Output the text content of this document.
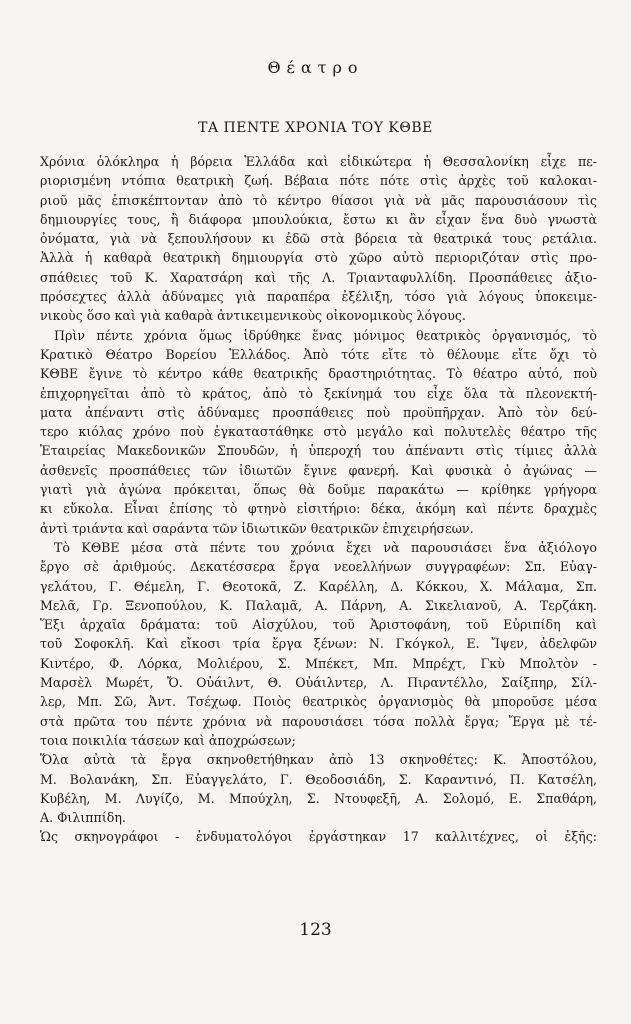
Θέατρο
ΤΑ ΠΕΝΤΕ ΧΡΟΝΙΑ ΤΟΥ ΚΘΒΕ
Χρόνια ὁλόκληρα ἡ βόρεια Ἑλλάδα καὶ εἰδικώτερα ἡ Θεσσαλονίκη εἶχε πε-
ριορισμένη ντόπια θεατρικὴ ζωή. Βέβαια πότε πότε στὶς ἀρχὲς τοῦ καλοκαι-
ριοῦ μᾶς ἐπισκέπτονταν ἀπὸ τὸ κέντρο θίασοι γιὰ νὰ μᾶς παρουσιάσουν τὶς
δημιουργίες τους, ἢ διάφορα μπουλούκια, ἔστω κι ἂν εἶχαν ἕνα δυὸ γνωστὰ
ὀνόματα, γιὰ νὰ ξεπουλήσουν κι ἐδῶ στὰ βόρεια τὰ θεατρικά τους ρετάλια.
Ἀλλὰ ἡ καθαρὰ θεατρικὴ δημιουργία στὸ χῶρο αὐτὸ περιοριζόταν στὶς προ-
σπάθειες τοῦ Κ. Χαρατσάρη καὶ τῆς Λ. Τριανταφυλλίδη. Προσπάθειες ἀξιο-
πρόσεχτες ἀλλὰ ἀδύναμες γιὰ παραπέρα ἐξέλιξη, τόσο γιὰ λόγους ὑποκειμε-
νικοὺς ὅσο καὶ γιὰ καθαρὰ ἀντικειμενικοὺς οἰκονομικοὺς λόγους.
Πρὶν πέντε χρόνια ὅμως ἱδρύθηκε ἕνας μόνιμος θεατρικὸς ὀργανισμός, τὸ
Κρατικὸ Θέατρο Βορείου Ἑλλάδος. Ἀπὸ τότε εἴτε τὸ θέλουμε εἴτε ὄχι τὸ
ΚΘΒΕ ἔγινε τὸ κέντρο κάθε θεατρικῆς δραστηριότητας. Τὸ θέατρο αὐτό, ποὺ
ἐπιχορηγεῖται ἀπὸ τὸ κράτος, ἀπὸ τὸ ξεκίνημά του εἶχε ὅλα τὰ πλεονεκτή-
ματα ἀπέναντι στὶς ἀδύναμες προσπάθειες ποὺ προϋπῆρχαν. Ἀπὸ τὸν δεύ-
τερο κιόλας χρόνο ποὺ ἐγκαταστάθηκε στὸ μεγάλο καὶ πολυτελὲς θέατρο τῆς
Ἑταιρείας Μακεδονικῶν Σπουδῶν, ἡ ὑπεροχή του ἀπέναντι στὶς τίμιες ἀλλὰ
ἀσθενεῖς προσπάθειες τῶν ἰδιωτῶν ἔγινε φανερή. Καὶ φυσικὰ ὁ ἀγώνας —
γιατὶ γιὰ ἀγώνα πρόκειται, ὅπως θὰ δοῦμε παρακάτω — κρίθηκε γρήγορα
κι εὔκολα. Εἶναι ἐπίσης τὸ φτηνὸ εἰσιτήριο: δέκα, ἀκόμη καὶ πέντε δραχμὲς
ἀντὶ τριάντα καὶ σαράντα τῶν ἰδιωτικῶν θεατρικῶν ἐπιχειρήσεων.
Τὸ ΚΘΒΕ μέσα στὰ πέντε του χρόνια ἔχει νὰ παρουσιάσει ἕνα ἀξιόλογο
ἔργο σὲ ἀριθμούς. Δεκατέσσερα ἔργα νεοελλήνων συγγραφέων: Σπ. Εὐαγ-
γελάτου, Γ. Θέμελη, Γ. Θεοτοκᾶ, Ζ. Καρέλλη, Δ. Κόκκου, Χ. Μάλαμα, Σπ.
Μελᾶ, Γρ. Ξενοπούλου, Κ. Παλαμᾶ, Α. Πάρνη, Α. Σικελιανοῦ, Α. Τερζάκη.
Ἕξι ἀρχαῖα δράματα: τοῦ Αἰσχύλου, τοῦ Ἀριστοφάνη, τοῦ Εὐριπίδη καὶ
τοῦ Σοφοκλῆ. Καὶ εἴκοσι τρία ἔργα ξένων: Ν. Γκόγκολ, Ε. Ἴψεν, ἀδελφῶν
Κιντέρο, Φ. Λόρκα, Μολιέρου, Σ. Μπέκετ, Μπ. Μπρέχτ, Γκὺ Μπολτὸν -
Μαρσὲλ Μωρέτ, Ὄ. Οὐάιλντ, Θ. Οὐάιλντερ, Λ. Πιραντέλλο, Σαίξπηρ, Σίλ-
λερ, Μπ. Σῶ, Ἀντ. Τσέχωφ. Ποιὸς θεατρικὸς ὀργανισμὸς θὰ μποροῦσε μέσα
στὰ πρῶτα του πέντε χρόνια νὰ παρουσιάσει τόσα πολλὰ ἔργα; Ἔργα μὲ τέ-
τοια ποικιλία τάσεων καὶ ἀποχρώσεων;
Ὅλα αὐτὰ τὰ ἔργα σκηνοθετήθηκαν ἀπὸ 13 σκηνοθέτες: Κ. Ἀποστόλου,
Μ. Βολανάκη, Σπ. Εὐαγγελάτο, Γ. Θεοδοσιάδη, Σ. Καραντινό, Π. Κατσέλη,
Κυβέλη, Μ. Λυγίζο, Μ. Μπούχλη, Σ. Ντουφεξῆ, Α. Σολομό, Ε. Σπαθάρη,
Α. Φιλιππίδη.
Ὡς σκηνογράφοι - ἐνδυματολόγοι ἐργάστηκαν 17 καλλιτέχνες, οἱ ἑξῆς:
123
